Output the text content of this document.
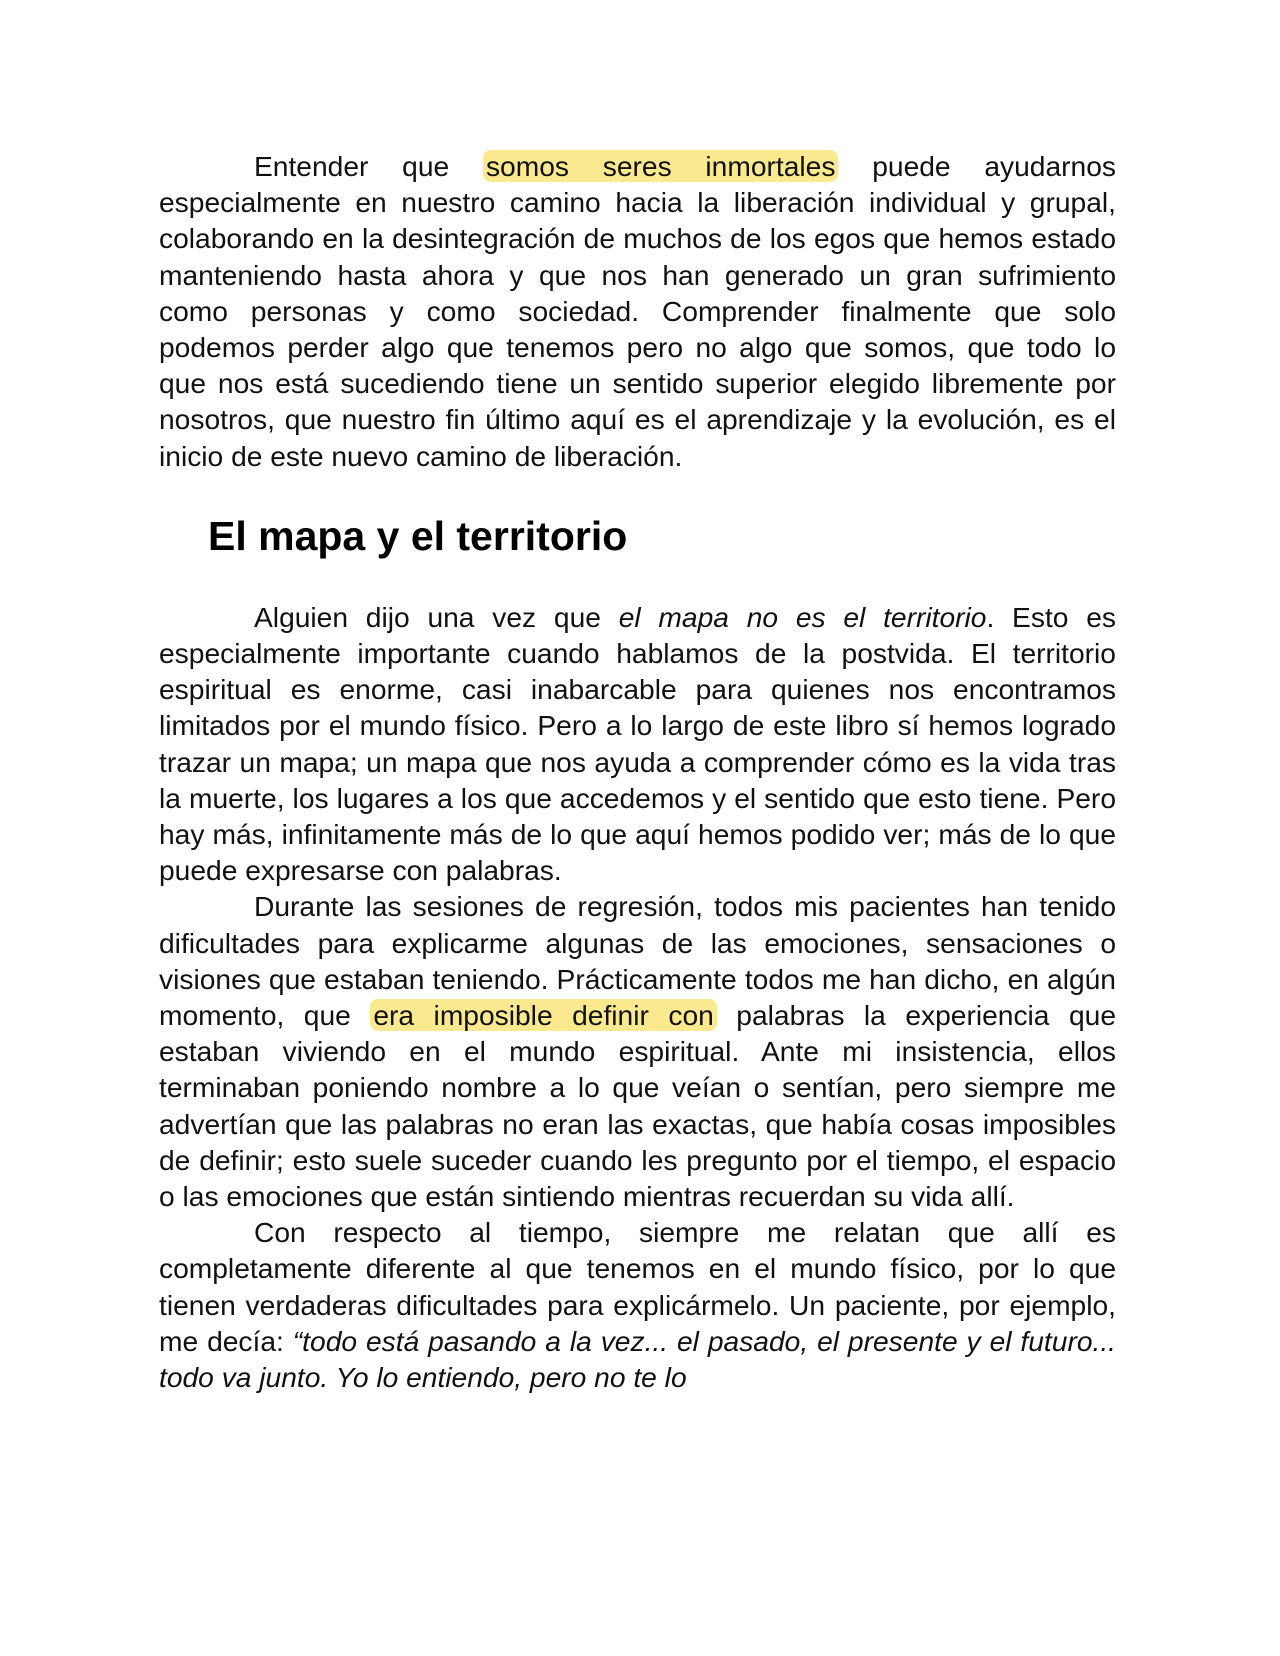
Entender que somos seres inmortales puede ayudarnos especialmente en nuestro camino hacia la liberación individual y grupal, colaborando en la desintegración de muchos de los egos que hemos estado manteniendo hasta ahora y que nos han generado un gran sufrimiento como personas y como sociedad. Comprender finalmente que solo podemos perder algo que tenemos pero no algo que somos, que todo lo que nos está sucediendo tiene un sentido superior elegido libremente por nosotros, que nuestro fin último aquí es el aprendizaje y la evolución, es el inicio de este nuevo camino de liberación.

El mapa y el territorio

Alguien dijo una vez que el mapa no es el territorio. Esto es especialmente importante cuando hablamos de la postvida. El territorio espiritual es enorme, casi inabarcable para quienes nos encontramos limitados por el mundo físico. Pero a lo largo de este libro sí hemos logrado trazar un mapa; un mapa que nos ayuda a comprender cómo es la vida tras la muerte, los lugares a los que accedemos y el sentido que esto tiene. Pero hay más, infinitamente más de lo que aquí hemos podido ver; más de lo que puede expresarse con palabras.

Durante las sesiones de regresión, todos mis pacientes han tenido dificultades para explicarme algunas de las emociones, sensaciones o visiones que estaban teniendo. Prácticamente todos me han dicho, en algún momento, que era imposible definir con palabras la experiencia que estaban viviendo en el mundo espiritual. Ante mi insistencia, ellos terminaban poniendo nombre a lo que veían o sentían, pero siempre me advertían que las palabras no eran las exactas, que había cosas imposibles de definir; esto suele suceder cuando les pregunto por el tiempo, el espacio o las emociones que están sintiendo mientras recuerdan su vida allí.

Con respecto al tiempo, siempre me relatan que allí es completamente diferente al que tenemos en el mundo físico, por lo que tienen verdaderas dificultades para explicármelo. Un paciente, por ejemplo, me decía: “todo está pasando a la vez... el pasado, el presente y el futuro... todo va junto. Yo lo entiendo, pero no te lo
